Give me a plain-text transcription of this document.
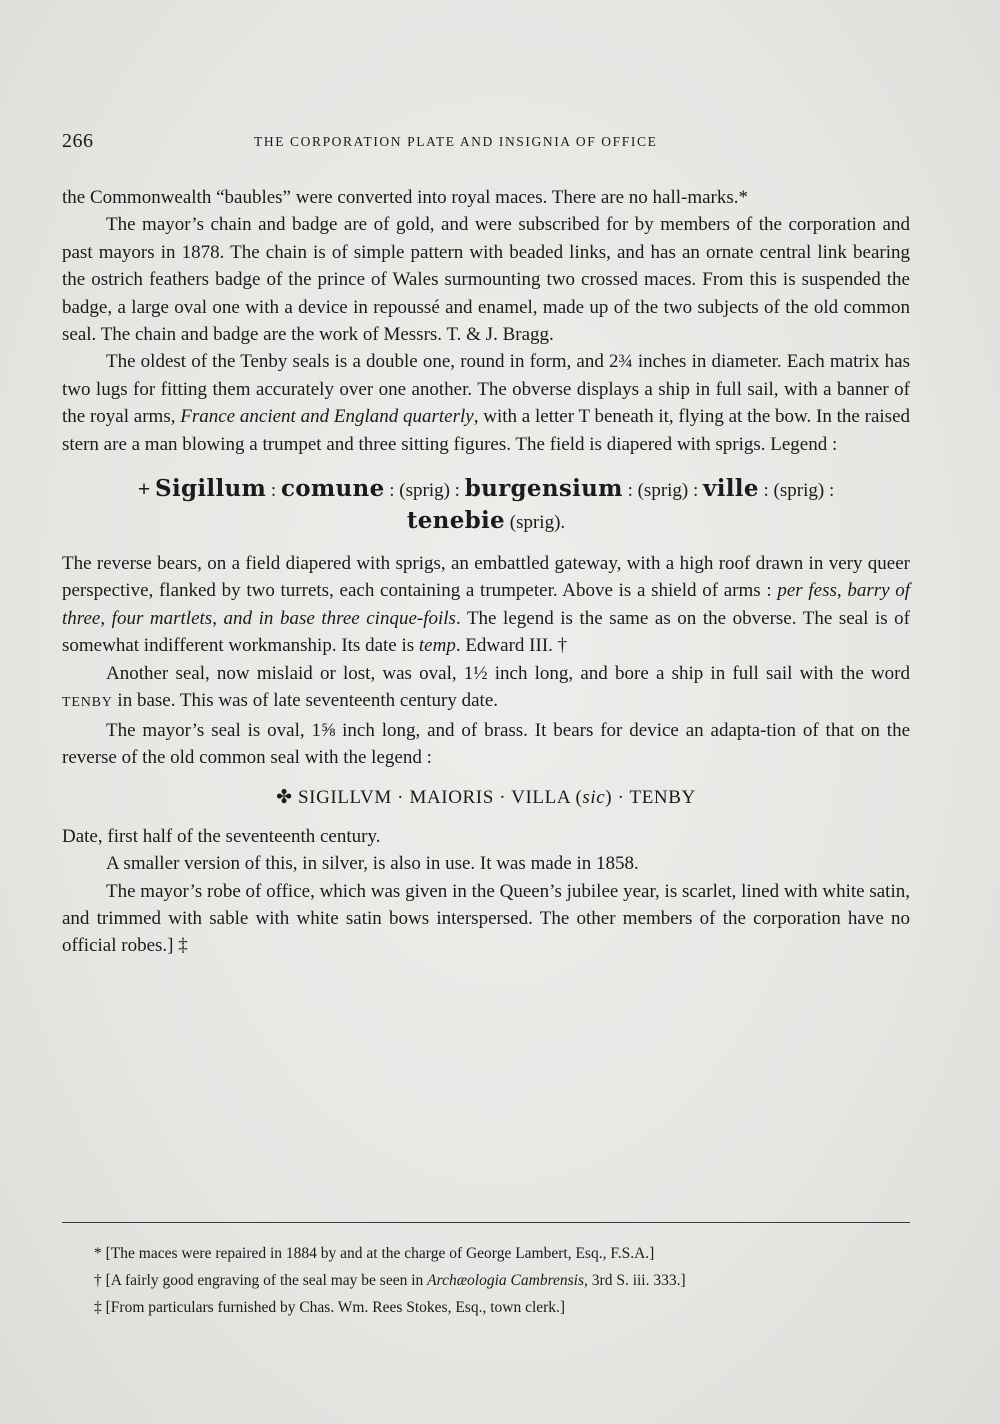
266	THE CORPORATION PLATE AND INSIGNIA OF OFFICE

the Commonwealth “baubles” were converted into royal maces. There are no hall-marks.*

The mayor’s chain and badge are of gold, and were subscribed for by members of the corporation and past mayors in 1878. The chain is of simple pattern with beaded links, and has an ornate central link bearing the ostrich feathers badge of the prince of Wales surmounting two crossed maces. From this is suspended the badge, a large oval one with a device in repoussé and enamel, made up of the two subjects of the old common seal. The chain and badge are the work of Messrs. T. & J. Bragg.

The oldest of the Tenby seals is a double one, round in form, and 2¾ inches in diameter. Each matrix has two lugs for fitting them accurately over one another. The obverse displays a ship in full sail, with a banner of the royal arms, France ancient and England quarterly, with a letter T beneath it, flying at the bow. In the raised stern are a man blowing a trumpet and three sitting figures. The field is diapered with sprigs. Legend :

+ Sigillum : comune : (sprig) : burgensium : (sprig) : ville : (sprig) :
tenebie (sprig).

The reverse bears, on a field diapered with sprigs, an embattled gateway, with a high roof drawn in very queer perspective, flanked by two turrets, each containing a trumpeter. Above is a shield of arms : per fess, barry of three, four martlets, and in base three cinque-foils. The legend is the same as on the obverse. The seal is of somewhat indifferent workmanship. Its date is temp. Edward III. †

Another seal, now mislaid or lost, was oval, 1½ inch long, and bore a ship in full sail with the word TENBY in base. This was of late seventeenth century date.

The mayor’s seal is oval, 1⅝ inch long, and of brass. It bears for device an adapta-tion of that on the reverse of the old common seal with the legend :

✤ SIGILLVM · MAIORIS · VILLA (sic) · TENBY

Date, first half of the seventeenth century.

A smaller version of this, in silver, is also in use. It was made in 1858.

The mayor’s robe of office, which was given in the Queen’s jubilee year, is scarlet, lined with white satin, and trimmed with sable with white satin bows interspersed. The other members of the corporation have no official robes.] ‡

* [The maces were repaired in 1884 by and at the charge of George Lambert, Esq., F.S.A.]

† [A fairly good engraving of the seal may be seen in Archæologia Cambrensis, 3rd S. iii. 333.]

‡ [From particulars furnished by Chas. Wm. Rees Stokes, Esq., town clerk.]
